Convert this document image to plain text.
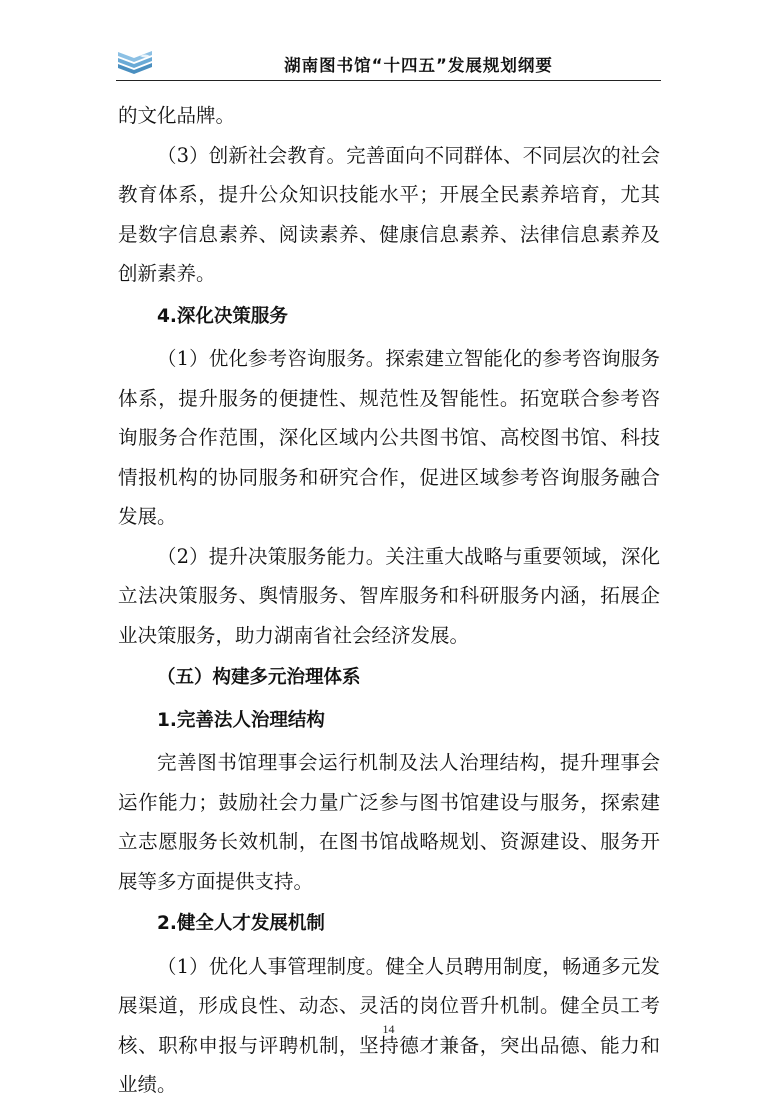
湖南图书馆“十四五”发展规划纲要

的文化品牌。

（3）创新社会教育。完善面向不同群体、不同层次的社会教育体系，提升公众知识技能水平；开展全民素养培育，尤其是数字信息素养、阅读素养、健康信息素养、法律信息素养及创新素养。

4.深化决策服务

（1）优化参考咨询服务。探索建立智能化的参考咨询服务体系，提升服务的便捷性、规范性及智能性。拓宽联合参考咨询服务合作范围，深化区域内公共图书馆、高校图书馆、科技情报机构的协同服务和研究合作，促进区域参考咨询服务融合发展。

（2）提升决策服务能力。关注重大战略与重要领域，深化立法决策服务、舆情服务、智库服务和科研服务内涵，拓展企业决策服务，助力湖南省社会经济发展。

（五）构建多元治理体系

1.完善法人治理结构

完善图书馆理事会运行机制及法人治理结构，提升理事会运作能力；鼓励社会力量广泛参与图书馆建设与服务，探索建立志愿服务长效机制，在图书馆战略规划、资源建设、服务开展等多方面提供支持。

2.健全人才发展机制

（1）优化人事管理制度。健全人员聘用制度，畅通多元发展渠道，形成良性、动态、灵活的岗位晋升机制。健全员工考核、职称申报与评聘机制，坚持德才兼备，突出品德、能力和业绩。

14
